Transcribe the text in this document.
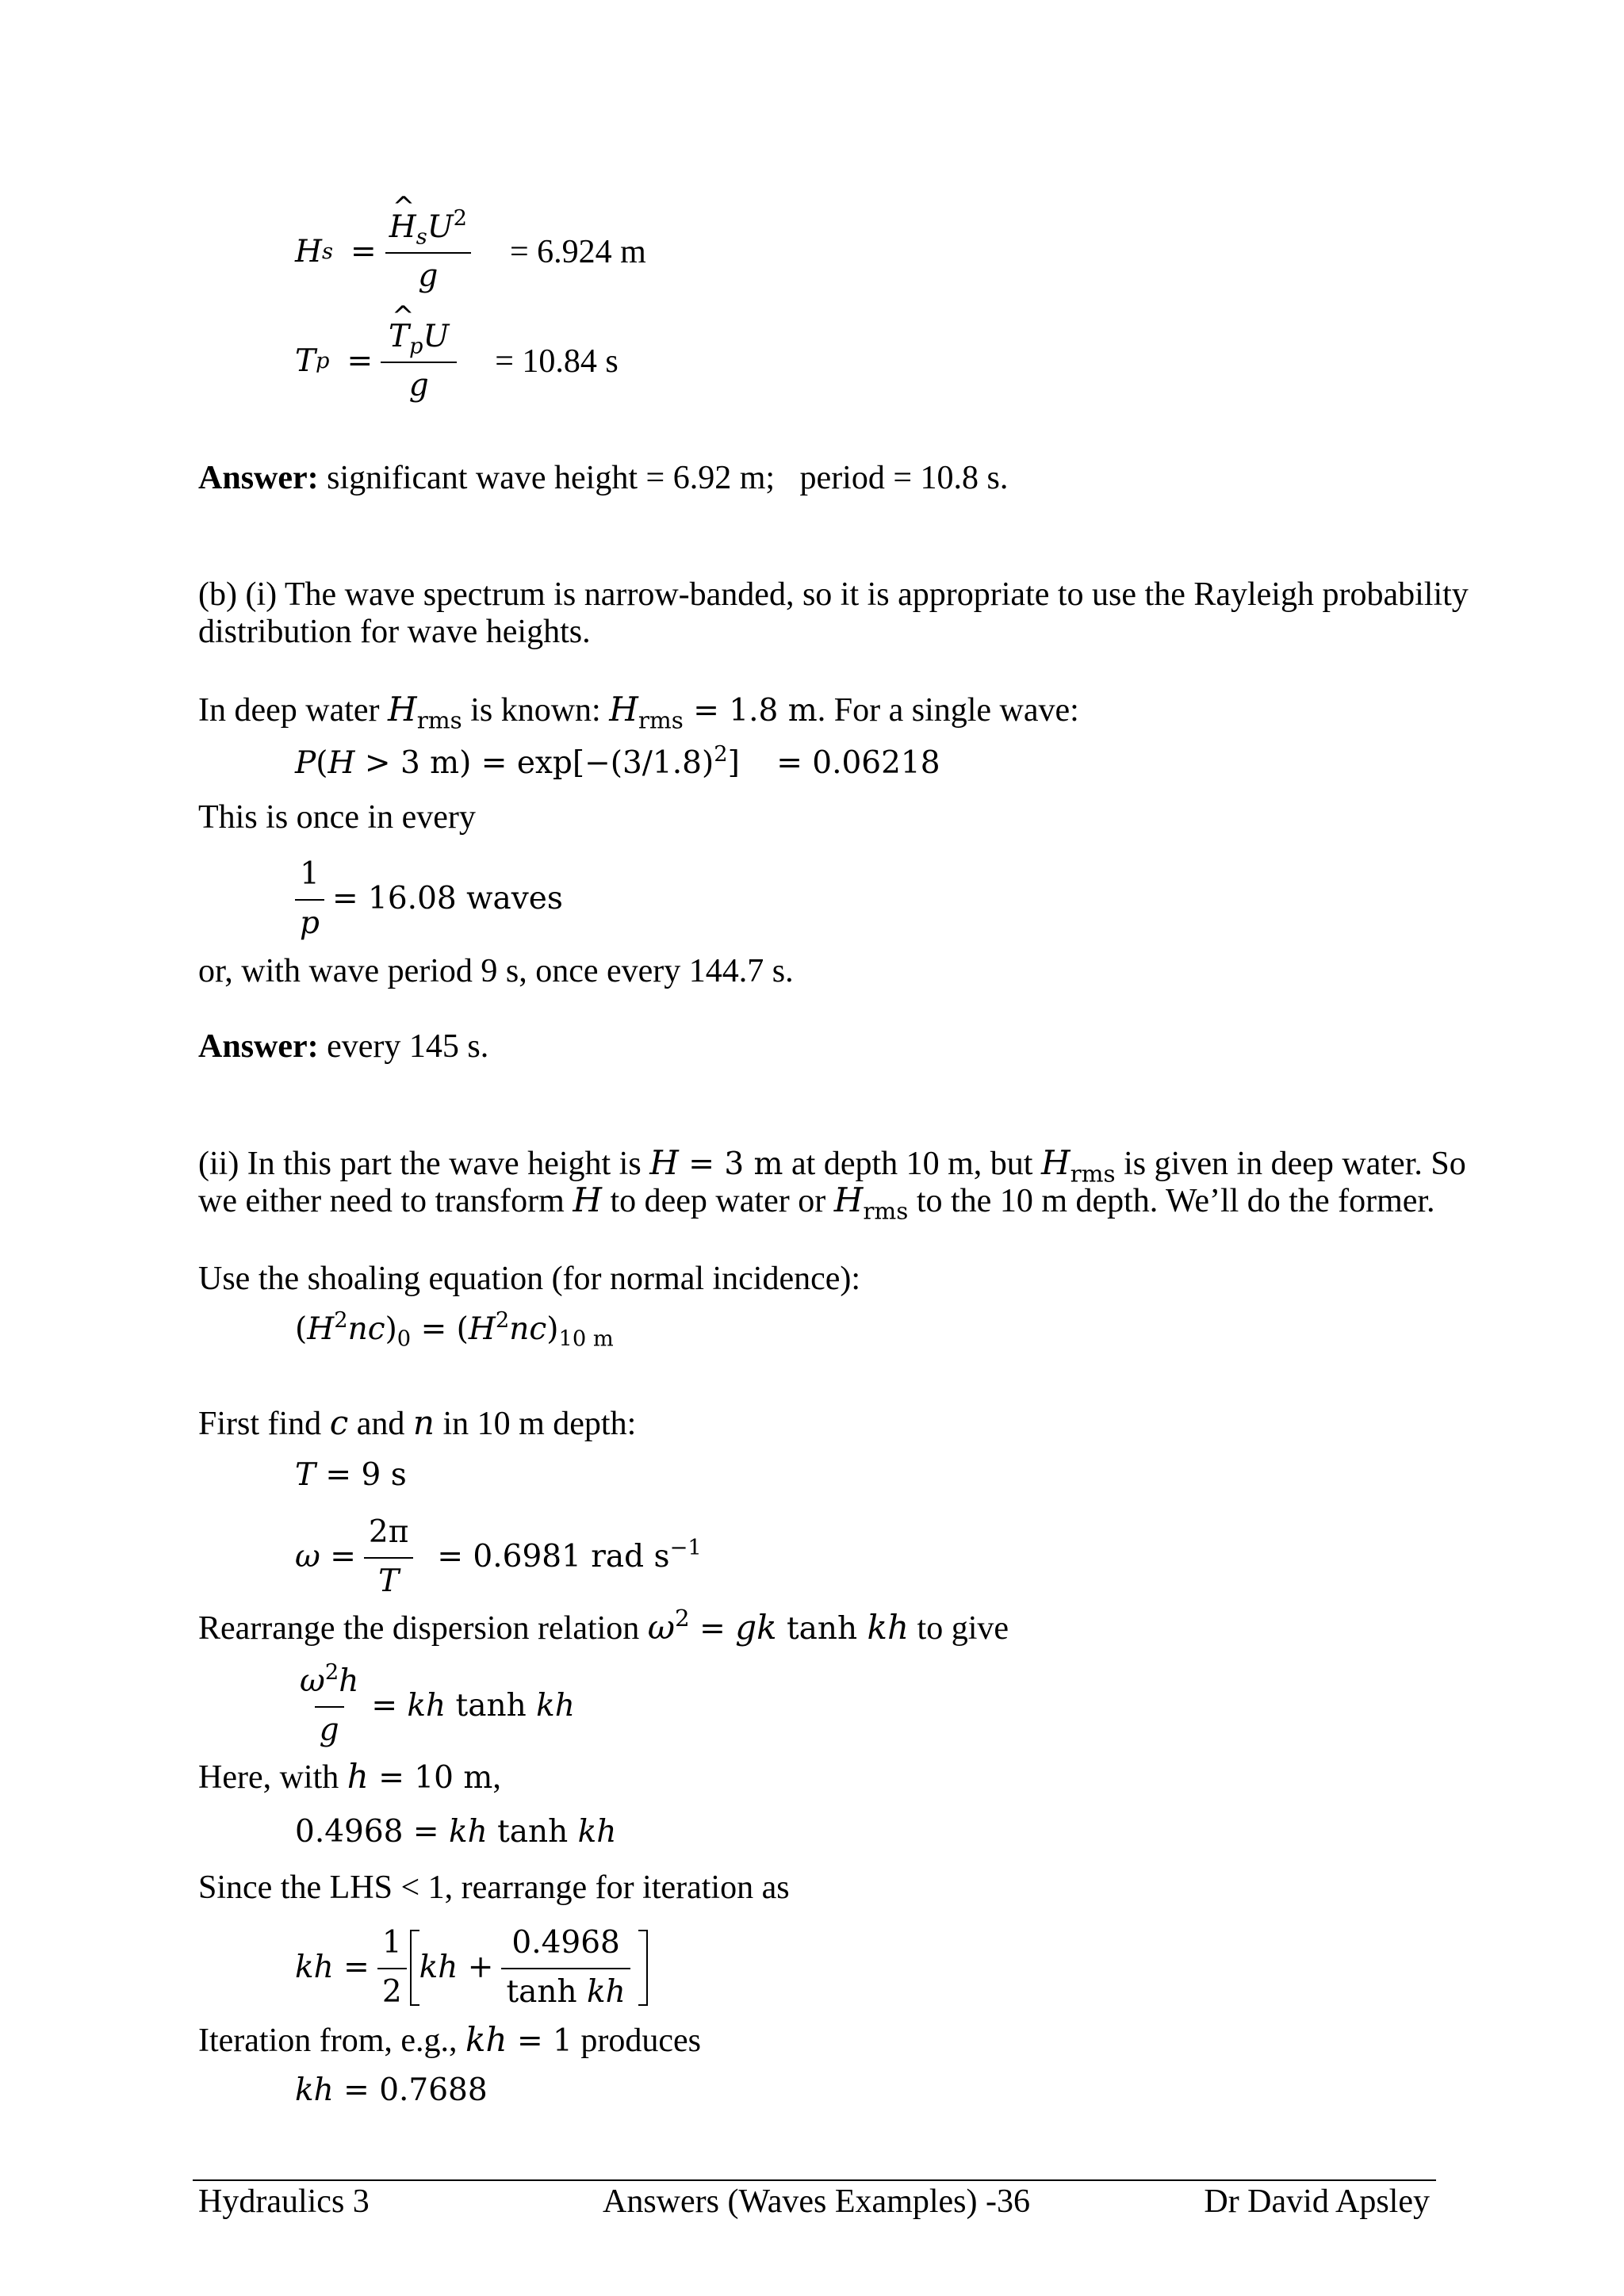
H s = ^ $\frac{H_sU^2}{g} = 6.924$ m
T p = ^ $\frac{T_pU}{g} = 10.84$ s
Answer: significant wave height = 6.92 m;   period = 10.8 s.
(b) (i) The wave spectrum is narrow-banded, so it is appropriate to use the Rayleigh probability
distribution for wave heights.
In deep water $H_{rms}$ is known: $H_{rms} = 1.8$ m. For a single wave:
P(H > 3 $m) = \exp[-(3/1.8)^2] = 0.06218$
This is once in every
$\frac{1}{p} = 16.08$ waves
or, with wave period 9 s, once every 144.7 s.
Answer: every 145 s.
(ii) In this part the wave height is H = 3 m at depth 10 m, but $H_{rms}$ is given in deep water. So
we either need to transform H to deep water or $H_{rms}$ to the 10 m depth. We’ll do the former.
Use the shoaling equation (for normal incidence):
$(H^2nc)_0 = (H^2nc)_{10 m}$
First find c and n in 10 m depth:
T = 9 s
$\omega = \frac{2\pi}{T} = 0.6981$ rad $s^{-1}$
Rearrange the dispersion relation $\omega^2$ = gk tanh kh to give
$\frac{\omega^2h}{g}$ = kh tanh kh
Here, with h = 10 m,
0.4968 = kh tanh kh
Since the LHS < 1, rearrange for iteration as
kh = $\frac{1}{2}$ kh + $\frac{0.4968}{\text{tanh kh}}$
Iteration from, e.g., kh = 1 produces
kh = 0.7688
Hydraulics 3	Answers (Waves Examples) -36	Dr David Apsley
